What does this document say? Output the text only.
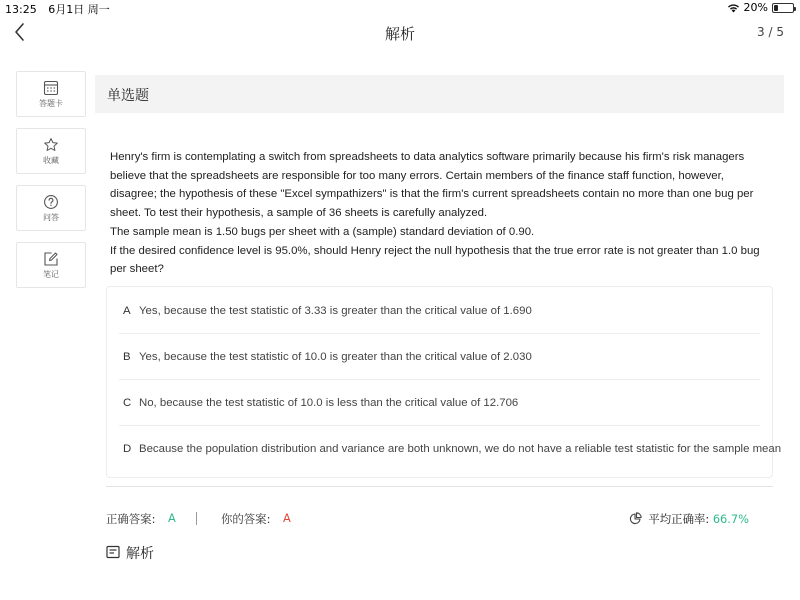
13:25 6月1日 周一	20%
解析	3 / 5
答题卡
收藏
问答
笔记
单选题

Henry's firm is contemplating a switch from spreadsheets to data analytics software primarily because his firm's risk managers believe that the spreadsheets are responsible for too many errors. Certain members of the finance staff function, however, disagree; the hypothesis of these "Excel sympathizers" is that the firm's current spreadsheets contain no more than one bug per sheet. To test their hypothesis, a sample of 36 sheets is carefully analyzed.

The sample mean is 1.50 bugs per sheet with a (sample) standard deviation of 0.90.

If the desired confidence level is 95.0%, should Henry reject the null hypothesis that the true error rate is not greater than 1.0 bug per sheet?

A Yes, because the test statistic of 3.33 is greater than the critical value of 1.690
B Yes, because the test statistic of 10.0 is greater than the critical value of 2.030
C No, because the test statistic of 10.0 is less than the critical value of 12.706
D Because the population distribution and variance are both unknown, we do not have a reliable test statistic for the sample mean
正确答案: A	你的答案: A	平均正确率: 66.7%
解析
